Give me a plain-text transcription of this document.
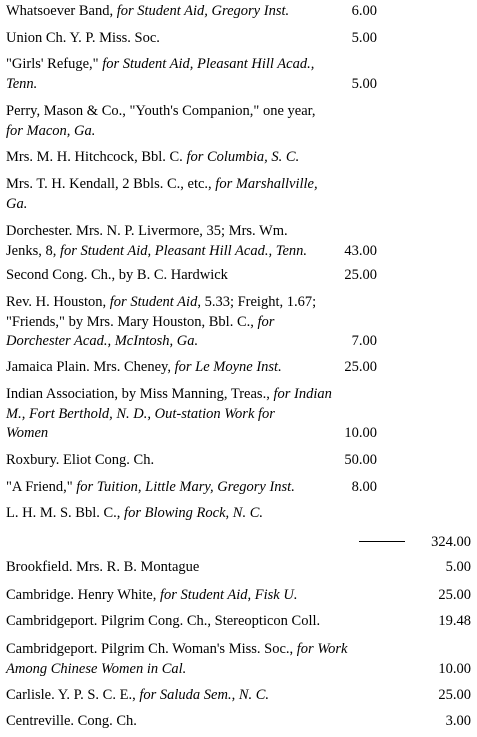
Whatsoever Band, for Student Aid, Gregory Inst.	6.00
Union Ch. Y. P. Miss. Soc.	5.00
"Girls' Refuge," for Student Aid, Pleasant Hill Acad.,
Tenn.	5.00
Perry, Mason & Co., "Youth's Companion," one year,
for Macon, Ga.
Mrs. M. H. Hitchcock, Bbl. C. for Columbia, S. C.
Mrs. T. H. Kendall, 2 Bbls. C., etc., for Marshallville,
Ga.
Dorchester. Mrs. N. P. Livermore, 35; Mrs. Wm.
Jenks, 8, for Student Aid, Pleasant Hill Acad., Tenn.	43.00
Second Cong. Ch., by B. C. Hardwick	25.00
Rev. H. Houston, for Student Aid, 5.33; Freight, 1.67;
"Friends," by Mrs. Mary Houston, Bbl. C., for
Dorchester Acad., McIntosh, Ga.	7.00
Jamaica Plain. Mrs. Cheney, for Le Moyne Inst.	25.00
Indian Association, by Miss Manning, Treas., for Indian
M., Fort Berthold, N. D., Out-station Work for
Women	10.00
Roxbury. Eliot Cong. Ch.	50.00
"A Friend," for Tuition, Little Mary, Gregory Inst.	8.00
L. H. M. S. Bbl. C., for Blowing Rock, N. C.
324.00
Brookfield. Mrs. R. B. Montague	5.00
Cambridge. Henry White, for Student Aid, Fisk U.	25.00
Cambridgeport. Pilgrim Cong. Ch., Stereopticon Coll.	19.48
Cambridgeport. Pilgrim Ch. Woman's Miss. Soc., for Work
Among Chinese Women in Cal.	10.00
Carlisle. Y. P. S. C. E., for Saluda Sem., N. C.	25.00
Centreville. Cong. Ch.	3.00
